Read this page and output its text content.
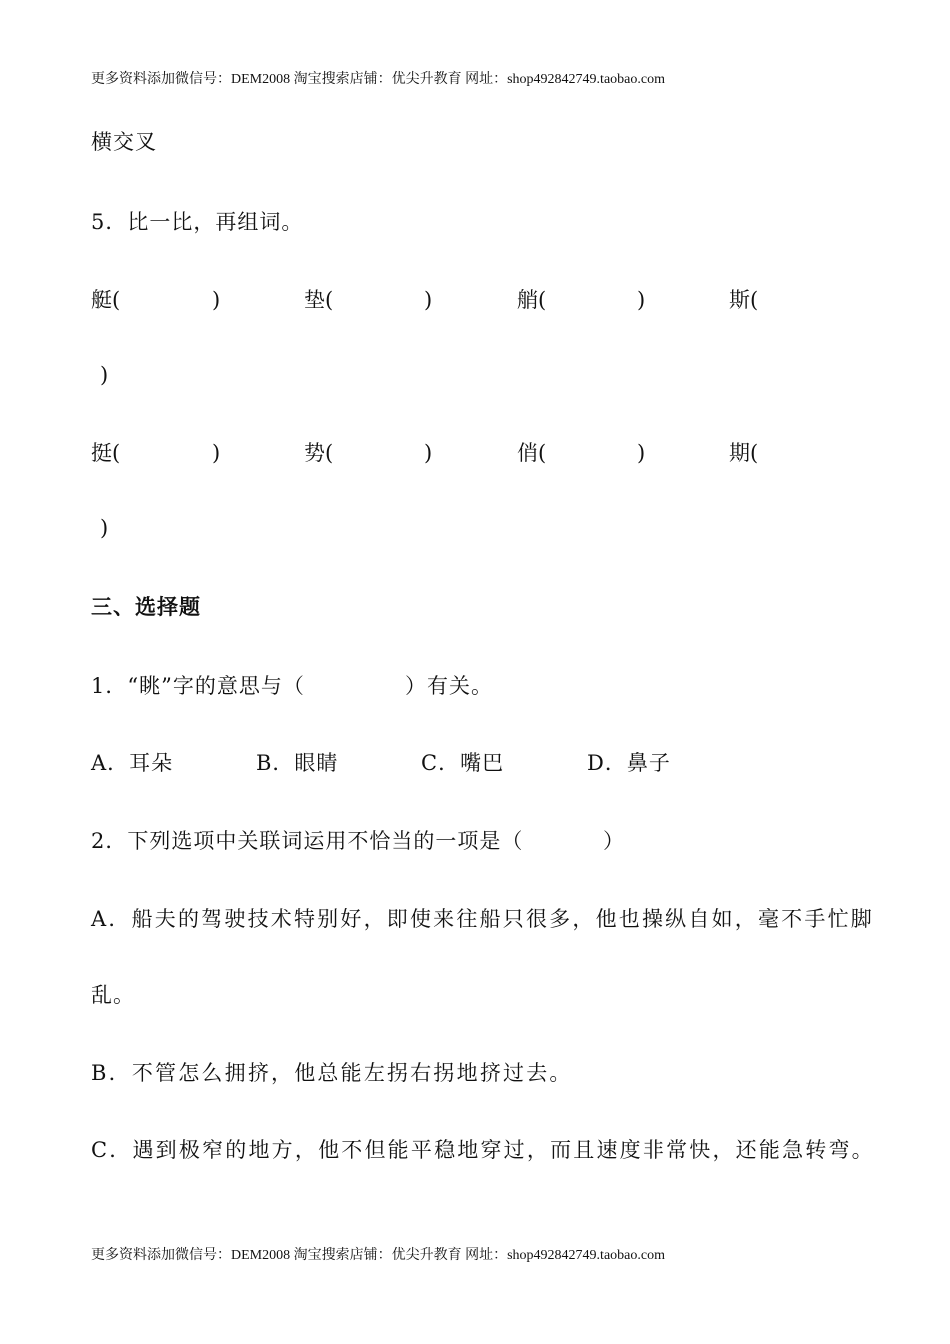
更多资料添加微信号：DEM2008 淘宝搜索店铺：优尖升教育 网址：shop492842749.taobao.com
横交叉
5．比一比，再组词。
艇(	)	垫(	)	艄(	)	斯(
)
挺(	)	势(	)	俏(	)	期(
)
三、选择题
1．“眺”字的意思与（	）有关。
A．耳朵	B．眼睛	C．嘴巴	D．鼻子
2．下列选项中关联词运用不恰当的一项是（	）
A．船夫的驾驶技术特别好，即使来往船只很多，他也操纵自如，毫不手忙脚
乱。
B．不管怎么拥挤，他总能左拐右拐地挤过去。
C．遇到极窄的地方，他不但能平稳地穿过，而且速度非常快，还能急转弯。
更多资料添加微信号：DEM2008 淘宝搜索店铺：优尖升教育 网址：shop492842749.taobao.com
